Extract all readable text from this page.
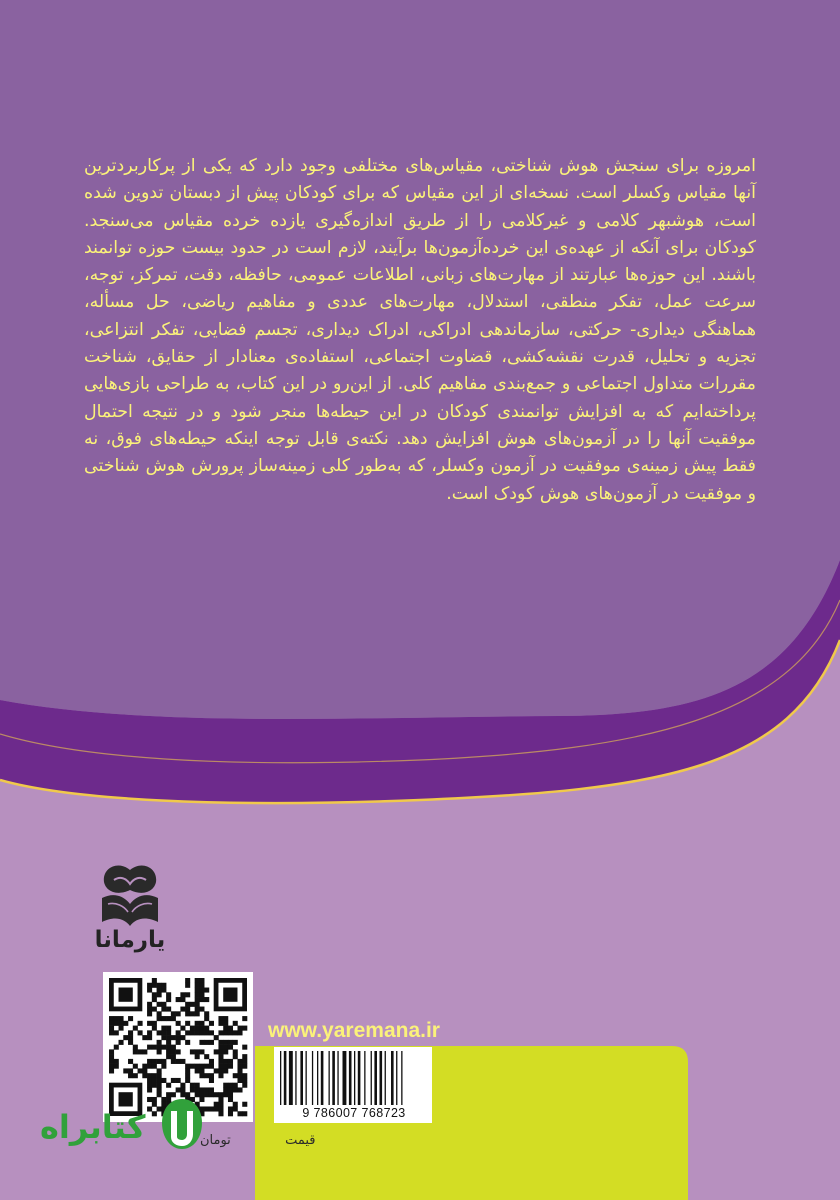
امروزه برای سنجش هوش شناختی، مقیاس‌های مختلفی وجود دارد که یکی از پرکاربردترین آنها مقیاس وکسلر است. نسخه‌ای از این مقیاس که برای کودکان پیش از دبستان تدوین شده است، هوشبهر کلامی و غیرکلامی را از طریق اندازه‌گیری یازده خرده مقیاس می‌سنجد. کودکان برای آنکه از عهده‌ی این خرده‌آزمون‌ها برآیند، لازم است در حدود بیست حوزه توانمند باشند. این حوزه‌ها عبارتند از مهارت‌های زبانی، اطلاعات عمومی، حافظه، دقت، تمرکز، توجه، سرعت عمل، تفکر منطقی، استدلال، مهارت‌های عددی و مفاهیم ریاضی، حل مسأله، هماهنگی دیداری- حرکتی، سازماندهی ادراکی، ادراک دیداری، تجسم فضایی، تفکر انتزاعی، تجزیه و تحلیل، قدرت نقشه‌کشی، قضاوت اجتماعی، استفاده‌ی معنادار از حقایق، شناخت مقررات متداول اجتماعی و جمع‌بندی مفاهیم کلی. از این‌رو در این کتاب، به طراحی بازی‌هایی پرداخته‌ایم که به افزایش توانمندی کودکان در این حیطه‌ها منجر شود و در نتیجه احتمال موفقیت آنها را در آزمون‌های هوش افزایش دهد. نکته‌ی قابل توجه اینکه حیطه‌های فوق، نه فقط پیش زمینه‌ی موفقیت در آزمون وکسلر، که به‌طور کلی زمینه‌ساز پرورش هوش شناختی و موفقیت در آزمون‌های هوش کودک است.

یارمانا
www.yaremana.ir
9 786007 768723
قیمت  تومان
کتابراه
